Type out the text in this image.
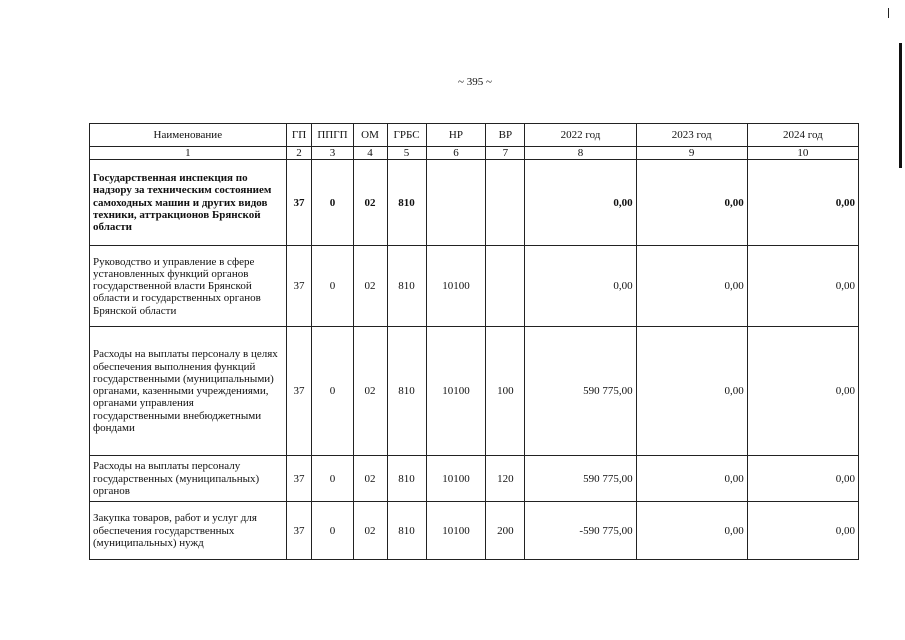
~ 395 ~
Наименование	ГП	ППГП	ОМ	ГРБС	НР	ВР	2022 год	2023 год	2024 год
1	2	3	4	5	6	7	8	9	10
Государственная инспекция по надзору за техническим состоянием самоходных машин и других видов техники, аттракционов Брянской области	37	0	02	810			0,00	0,00	0,00
Руководство и управление в сфере установленных функций органов государственной власти Брянской области и государственных органов Брянской области	37	0	02	810	10100		0,00	0,00	0,00
Расходы на выплаты персоналу в целях обеспечения выполнения функций государственными (муниципальными) органами, казенными учреждениями, органами управления государственными внебюджетными фондами	37	0	02	810	10100	100	590 775,00	0,00	0,00
Расходы на выплаты персоналу государственных (муниципальных) органов	37	0	02	810	10100	120	590 775,00	0,00	0,00
Закупка товаров, работ и услуг для обеспечения государственных (муниципальных) нужд	37	0	02	810	10100	200	-590 775,00	0,00	0,00
